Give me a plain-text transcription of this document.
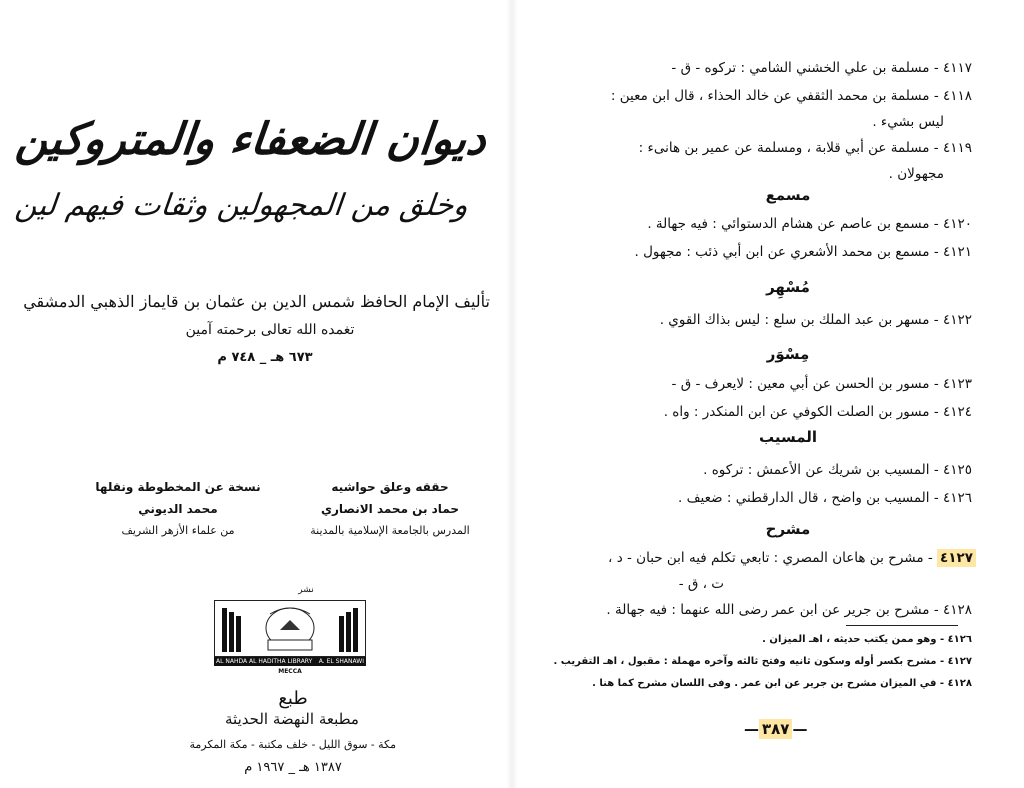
ديوان الضعفاء والمتروكين
وخلق من المجهولين وثقات فيهم لين
تأليف الإمام الحافظ شمس الدين بن عثمان بن قايماز الذهبي الدمشقي
تغمده الله تعالى برحمته آمين
٦٧٣ هـ _ ٧٤٨ م
حققه وعلق حواشيه
حماد بن محمد الانصاري
المدرس بالجامعة الإسلامية بالمدينة
نسخة عن المخطوطة ونقلها
محمد الديوني
من علماء الأزهر الشريف
نشر
AL NAHDA AL HADITHA LIBRARY A. EL SHANAWI
MECCA
طبع
مطبعة النهضة الحديثة
مكة - سوق الليل - خلف مكتبة - مكة المكرمة
١٣٨٧ هـ _ ١٩٦٧ م
٤١١٧ - مسلمة بن علي الخشني الشامي : تركوه - ق -
٤١١٨ - مسلمة بن محمد الثقفي عن خالد الحذاء ، قال ابن معين :
ليس بشيء .
٤١١٩ - مسلمة عن أبي قلابة ، ومسلمة عن عمير بن هانىء :
مجهولان .
مسمع
٤١٢٠ - مسمع بن عاصم عن هشام الدستوائي : فيه جهالة .
٤١٢١ - مسمع بن محمد الأشعري عن ابن أبي ذئب : مجهول .
مُسْهِر
٤١٢٢ - مسهر بن عبد الملك بن سلع : ليس بذاك القوي .
مِسْوَر
٤١٢٣ - مسور بن الحسن عن أبي معين : لايعرف - ق -
٤١٢٤ - مسور بن الصلت الكوفي عن ابن المنكدر : واه .
المسيب
٤١٢٥ - المسيب بن شريك عن الأعمش : تركوه .
٤١٢٦ - المسيب بن واضح ، قال الدارقطني : ضعيف .
مشرح
٤١٢٧ - مشرح بن هاعان المصري : تابعي تكلم فيه ابن حبان - د ،
ت ، ق -
٤١٢٨ - مشرح بن جرير عن ابن عمر رضى الله عنهما : فيه جهالة .
٤١٢٦ - وهو ممن يكتب حديثه ، اهـ الميزان .
٤١٢٧ - مشرح بكسر أوله وسكون ثانيه وفتح ثالثه وآخره مهملة : مقبول ، اهـ التقريب .
٤١٢٨ - في الميزان مشرح بن جرير عن ابن عمر . وفى اللسان مشرح كما هنا .
— ٣٨٧ —
